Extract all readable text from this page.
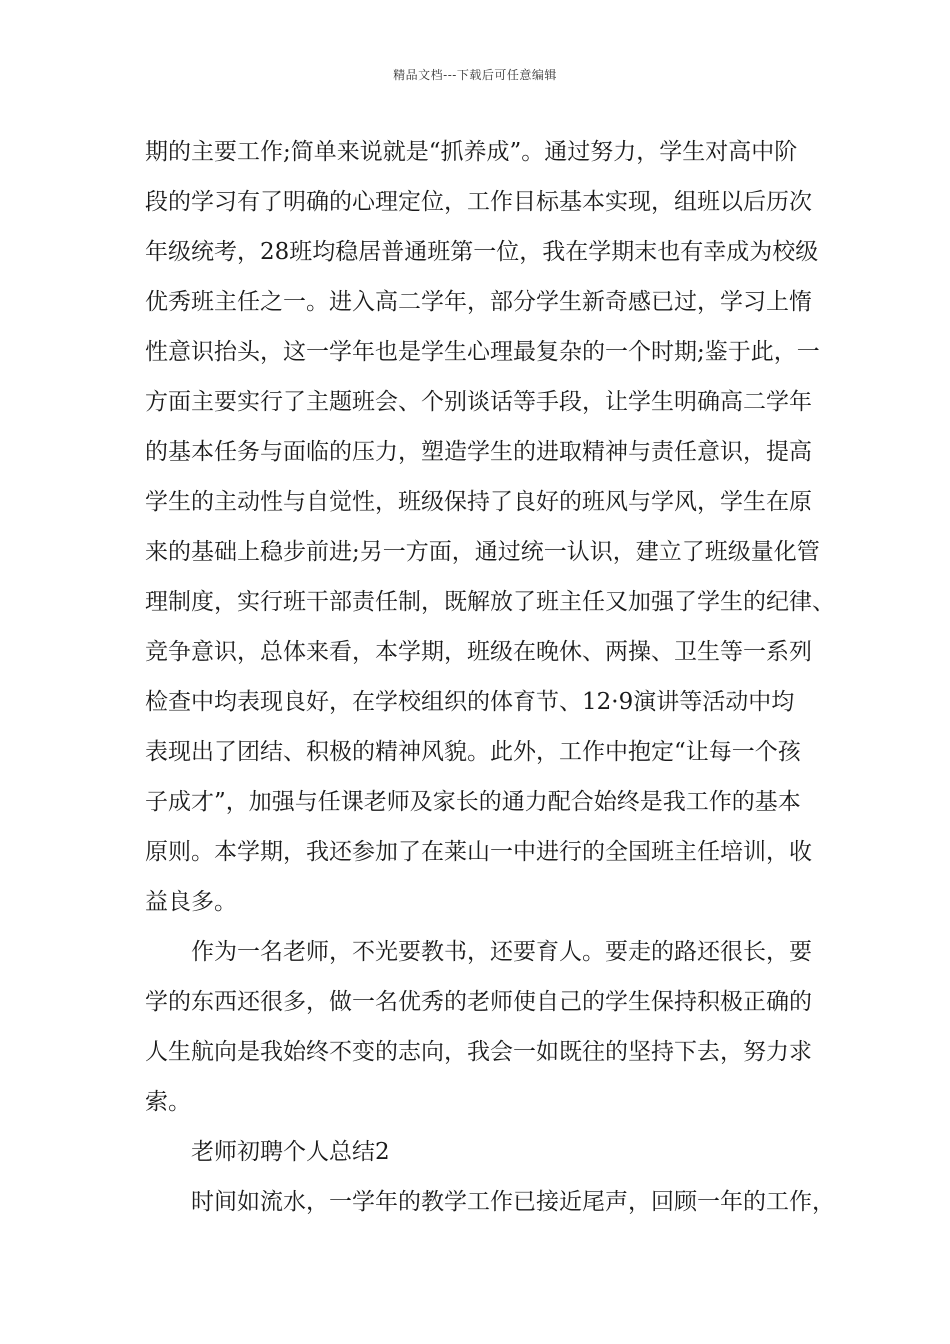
精品文档---下载后可任意编辑
期的主要工作;简单来说就是“抓养成”。通过努力，学生对高中阶
段的学习有了明确的心理定位，工作目标基本实现，组班以后历次
年级统考，28班均稳居普通班第一位，我在学期末也有幸成为校级
优秀班主任之一。进入高二学年，部分学生新奇感已过，学习上惰
性意识抬头，这一学年也是学生心理最复杂的一个时期;鉴于此，一
方面主要实行了主题班会、个别谈话等手段，让学生明确高二学年
的基本任务与面临的压力，塑造学生的进取精神与责任意识，提高
学生的主动性与自觉性，班级保持了良好的班风与学风，学生在原
来的基础上稳步前进;另一方面，通过统一认识，建立了班级量化管
理制度，实行班干部责任制，既解放了班主任又加强了学生的纪律、
竞争意识，总体来看，本学期，班级在晚休、两操、卫生等一系列
检查中均表现良好，在学校组织的体育节、12·9演讲等活动中均
表现出了团结、积极的精神风貌。此外，工作中抱定“让每一个孩
子成才”，加强与任课老师及家长的通力配合始终是我工作的基本
原则。本学期，我还参加了在莱山一中进行的全国班主任培训，收
益良多。
作为一名老师，不光要教书，还要育人。要走的路还很长，要
学的东西还很多，做一名优秀的老师使自己的学生保持积极正确的
人生航向是我始终不变的志向，我会一如既往的坚持下去，努力求
索。
老师初聘个人总结2
时间如流水，一学年的教学工作已接近尾声，回顾一年的工作，
